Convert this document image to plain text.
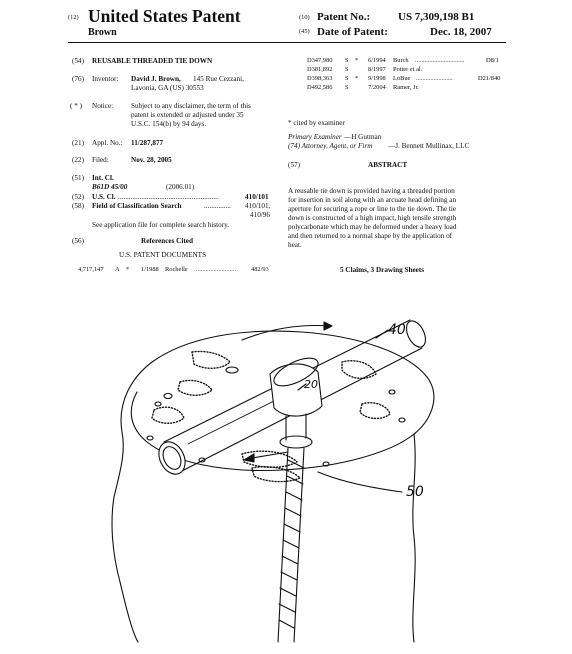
(12) United States Patent
Brown
(10) Patent No.:	US 7,309,198 B1
(45) Date of Patent:	Dec. 18, 2007
(54) REUSABLE THREADED TIE DOWN
(76) Inventor: David J. Brown, 145 Rue Cezzani,
Lavonia, GA (US) 30553
( * ) Notice: Subject to any disclaimer, the term of this
patent is extended or adjusted under 35
U.S.C. 154(b) by 94 days.
(21) Appl. No.: 11/287,877
(22) Filed:	Nov. 28, 2005
(51) Int. Cl.
B61D 45/00	(2006.01)
(52) U.S. Cl. ........................................................	410/101
(58) Field of Classification Search	............... 410/101,
410/96
See application file for complete search history.
(56)	References Cited
U.S. PATENT DOCUMENTS
4,717,147 A * 1/1988 Rochelle ......................... 482/93
D347,980 S * 6/1994 Burch ...............................	D8/1
D381,892 S	8/1997 Potter et al.
D398,363 S * 9/1998 LoBue .......................	D21/840
D492,586 S	7/2004 Ramer, Jr.
* cited by examiner
Primary Examiner —H Gutman
(74) Attorney, Agent, or Firm —J. Bennett Mullinax, LLC
(57)	ABSTRACT
A reusable tie down is provided having a threaded portion
for insertion in soil along with an arcuate head defining an
aperture for securing a rope or line to the tie down. The tie
down is constructed of a high impact, high tensile strength
polycarbonate which may be deformed under a heavy load
and then returned to a normal shape by the application of
heat.
5 Claims, 3 Drawing Sheets
40
20
50
